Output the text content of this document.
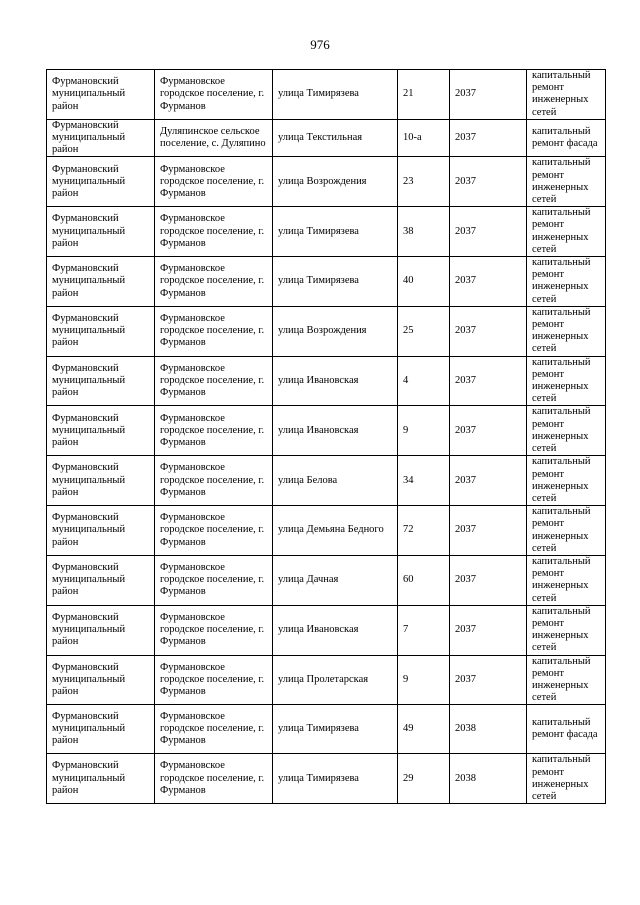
976
Фурмановский муниципальный район	Фурмановское городское поселение, г. Фурманов	улица Тимирязева	21	2037	капитальный ремонт инженерных сетей
Фурмановский муниципальный район	Дуляпинское сельское поселение, с. Дуляпино	улица Текстильная	10-а	2037	капитальный ремонт фасада
Фурмановский муниципальный район	Фурмановское городское поселение, г. Фурманов	улица Возрождения	23	2037	капитальный ремонт инженерных сетей
Фурмановский муниципальный район	Фурмановское городское поселение, г. Фурманов	улица Тимирязева	38	2037	капитальный ремонт инженерных сетей
Фурмановский муниципальный район	Фурмановское городское поселение, г. Фурманов	улица Тимирязева	40	2037	капитальный ремонт инженерных сетей
Фурмановский муниципальный район	Фурмановское городское поселение, г. Фурманов	улица Возрождения	25	2037	капитальный ремонт инженерных сетей
Фурмановский муниципальный район	Фурмановское городское поселение, г. Фурманов	улица Ивановская	4	2037	капитальный ремонт инженерных сетей
Фурмановский муниципальный район	Фурмановское городское поселение, г. Фурманов	улица Ивановская	9	2037	капитальный ремонт инженерных сетей
Фурмановский муниципальный район	Фурмановское городское поселение, г. Фурманов	улица Белова	34	2037	капитальный ремонт инженерных сетей
Фурмановский муниципальный район	Фурмановское городское поселение, г. Фурманов	улица Демьяна Бедного	72	2037	капитальный ремонт инженерных сетей
Фурмановский муниципальный район	Фурмановское городское поселение, г. Фурманов	улица Дачная	60	2037	капитальный ремонт инженерных сетей
Фурмановский муниципальный район	Фурмановское городское поселение, г. Фурманов	улица Ивановская	7	2037	капитальный ремонт инженерных сетей
Фурмановский муниципальный район	Фурмановское городское поселение, г. Фурманов	улица Пролетарская	9	2037	капитальный ремонт инженерных сетей
Фурмановский муниципальный район	Фурмановское городское поселение, г. Фурманов	улица Тимирязева	49	2038	капитальный ремонт фасада
Фурмановский муниципальный район	Фурмановское городское поселение, г. Фурманов	улица Тимирязева	29	2038	капитальный ремонт инженерных сетей
